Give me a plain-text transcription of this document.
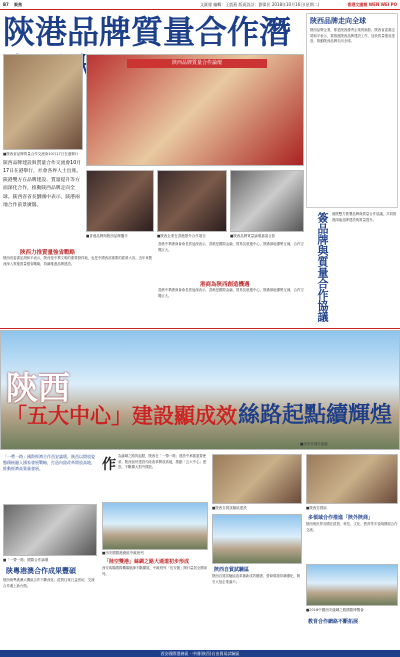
B7 聚焦	文匯報 編輯：王凱燕 版面設計：劉偉民 2018年10月16日(星期二)	香港文匯報 WEN WEI PO
陝港品牌質量合作潛 大
陝西品牌走向全球
陝西品牌企業，都是陝西優秀企業的縮影。陝西省委書記胡和平表示，要推進陝西品牌建設工作，加快質量強省建設，推動陝西品牌走向全球。
陝西品牌質量合作論壇
■陝西省品牌質量合作交流會10月17日在港舉行
陝西品牌建設與質量合作交流會10月17日在港舉行，社會各界人士出席。陝港雙方在品牌建設、質量提升等方面深化合作，推動陝西品牌走向全球。陝西省省長劉國中表示，陝港兩地合作前景廣闊。
■香港品牌與陝西品牌攜手	■陝西企業在香港推介合作項目	■陝西品牌質量論壇嘉賓合影
陝西力推質量強省戰略
陝西省委書記胡和平表示，陝西是中華文明的重要發祥地，也是中國西部重要的經濟大省。近年來陝西深入實施質量強省戰略，持續推進品牌建設。
港商為陝西創造機遇
香港中華總商會會長蔡冠深表示，香港是國際金融、貿易及航運中心，陝港兩地優勢互補，合作空間巨大。
香港中華總商會會長蔡冠深表示，香港是國際金融、貿易及航運中心，陝港兩地優勢互補，合作空間巨大。	簽品牌與質量合作協議 港陝雙方簽署品牌與質量合作協議，共同推進兩地品牌建設與質量提升。
陝西
「五大中心」建設顯成效 絲路起點續輝煌
■西安市城市風貌
「一帶一路」國際經濟合作西安論壇，陝西以開放姿態積極融入國家發展戰略，打造內陸改革開放高地，推動經濟高質量發展。
■「一帶一路」國際合作論壇
陝粵港澳合作成果豐碩
陝西與粵港澳大灣區合作不斷深化，經貿往來日益密切，交流合作邁上新台階。
作
為絲綢之路的起點，陝西在「一帶一路」建設中承擔重要使命。陝西加快建設內陸改革開放高地，推動「五大中心」建設，不斷擴大對外開放。
■西安國際港務區中歐班列
「陸空雙港」絲綢之路大通道初步形成
西安咸陽國際機場航線不斷擴展，中歐班列「長安號」開行量居全國前列。
■陝西自貿試驗區建設
陝西自貿試驗區
陝西自貿試驗區改革創新成效顯著，營商環境持續優化，吸引大批企業落戶。
■陝西自貿區
多領域合作推進「陝外陝商」
陝西與世界各國在經貿、科技、文化、教育等多領域開展合作交流。
■2018中國西安絲綢之路國際博覽會
教育合作網絡不斷拓展
西安國際港務區 · 中國(陝西)自由貿易試驗區
